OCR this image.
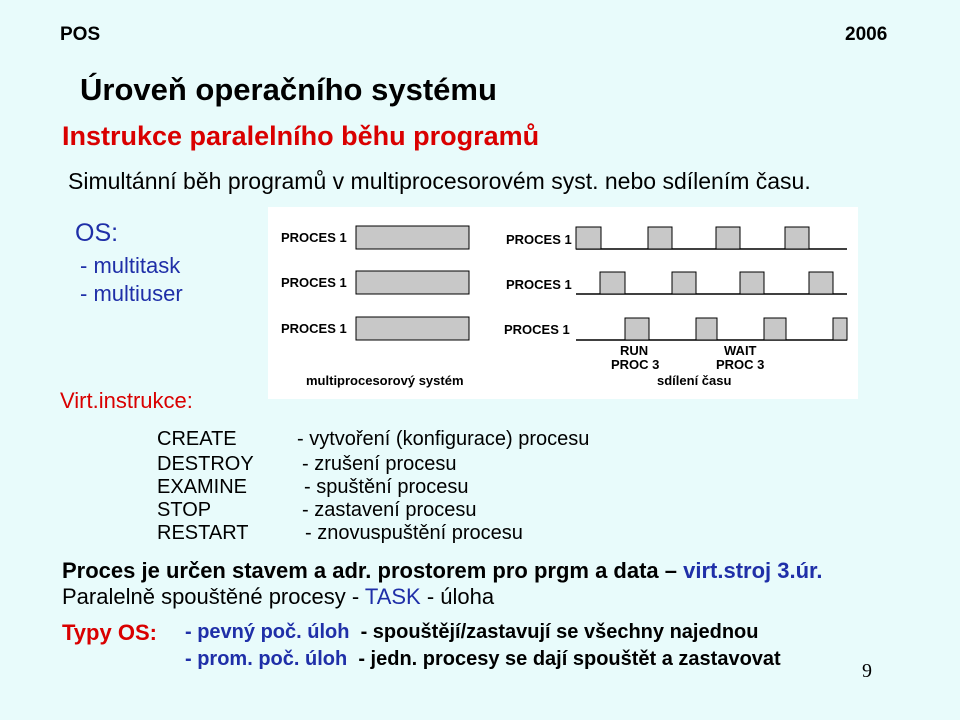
POS	2006
Úroveň operačního systému
Instrukce paralelního běhu programů
Simultánní běh programů v multiprocesorovém syst. nebo sdílením času.
OS:
- multitask
- multiuser
PROCES 1
PROCES 1
PROCES 1
multiprocesorový systém
PROCES 1
PROCES 1
PROCES 1
RUN
PROC 3
WAIT
PROC 3
sdílení času
Virt.instrukce:
CREATE	- vytvoření (konfigurace) procesu
DESTROY - zrušení procesu
EXAMINE	- spuštění procesu
STOP	- zastavení procesu
RESTART	- znovuspuštění procesu
Proces je určen stavem a adr. prostorem pro prgm a data – virt.stroj 3.úr.
Paralelně spouštěné procesy - TASK - úloha
Typy OS: - pevný poč. úloh  - spouštějí/zastavují se všechny najednou
- prom. poč. úloh  - jedn. procesy se dají spouštět a zastavovat
9
